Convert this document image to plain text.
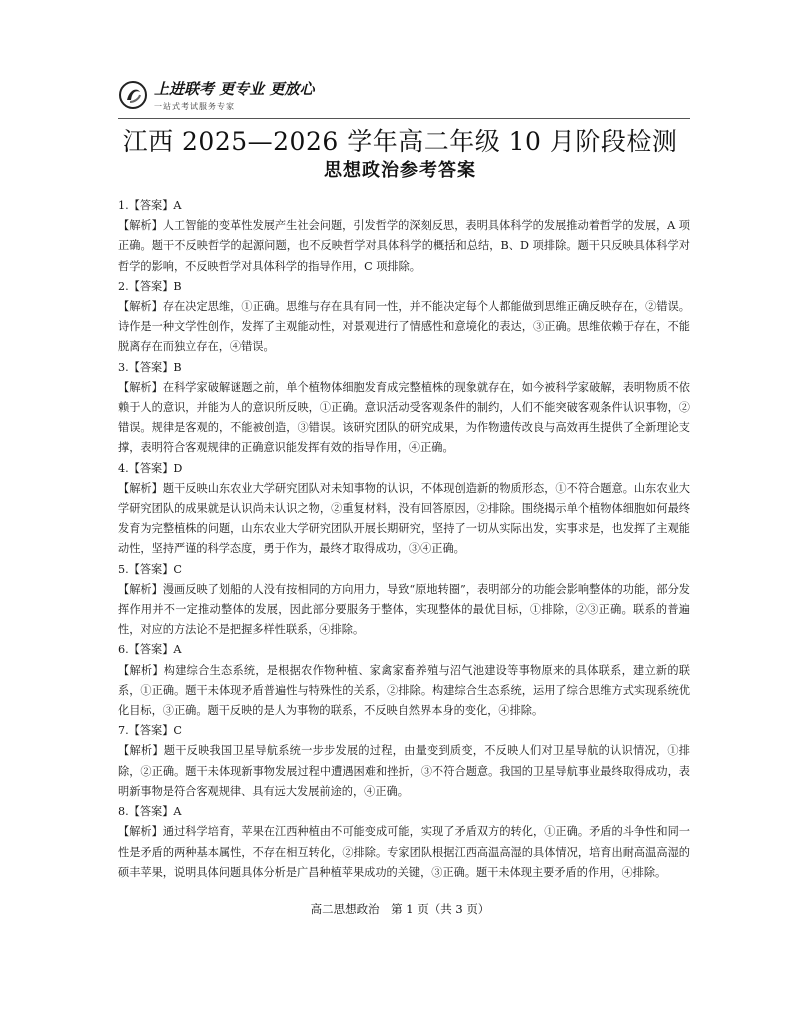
上进联考 更专业 更放心
一站式考试服务专家
江西 2025—2026 学年高二年级 10 月阶段检测
思想政治参考答案

1.【答案】A

【解析】人工智能的变革性发展产生社会问题，引发哲学的深刻反思，表明具体科学的发展推动着哲学的发展，A 项正确。题干不反映哲学的起源问题，也不反映哲学对具体科学的概括和总结，B、D 项排除。题干只反映具体科学对哲学的影响，不反映哲学对具体科学的指导作用，C 项排除。

2.【答案】B

【解析】存在决定思维，①正确。思维与存在具有同一性，并不能决定每个人都能做到思维正确反映存在，②错误。诗作是一种文学性创作，发挥了主观能动性，对景观进行了情感性和意境化的表达，③正确。思维依赖于存在，不能脱离存在而独立存在，④错误。

3.【答案】B

【解析】在科学家破解谜题之前，单个植物体细胞发育成完整植株的现象就存在，如今被科学家破解，表明物质不依赖于人的意识，并能为人的意识所反映，①正确。意识活动受客观条件的制约，人们不能突破客观条件认识事物，②错误。规律是客观的，不能被创造，③错误。该研究团队的研究成果，为作物遗传改良与高效再生提供了全新理论支撑，表明符合客观规律的正确意识能发挥有效的指导作用，④正确。

4.【答案】D

【解析】题干反映山东农业大学研究团队对未知事物的认识，不体现创造新的物质形态，①不符合题意。山东农业大学研究团队的成果就是认识尚未认识之物，②重复材料，没有回答原因，②排除。围绕揭示单个植物体细胞如何最终发育为完整植株的问题，山东农业大学研究团队开展长期研究，坚持了一切从实际出发，实事求是，也发挥了主观能动性，坚持严谨的科学态度，勇于作为，最终才取得成功，③④正确。

5.【答案】C

【解析】漫画反映了划船的人没有按相同的方向用力，导致“原地转圈”，表明部分的功能会影响整体的功能，部分发挥作用并不一定推动整体的发展，因此部分要服务于整体，实现整体的最优目标，①排除，②③正确。联系的普遍性，对应的方法论不是把握多样性联系，④排除。

6.【答案】A

【解析】构建综合生态系统，是根据农作物种植、家禽家畜养殖与沼气池建设等事物原来的具体联系，建立新的联系，①正确。题干未体现矛盾普遍性与特殊性的关系，②排除。构建综合生态系统，运用了综合思维方式实现系统优化目标，③正确。题干反映的是人为事物的联系，不反映自然界本身的变化，④排除。

7.【答案】C

【解析】题干反映我国卫星导航系统一步步发展的过程，由量变到质变，不反映人们对卫星导航的认识情况，①排除，②正确。题干未体现新事物发展过程中遭遇困难和挫折，③不符合题意。我国的卫星导航事业最终取得成功，表明新事物是符合客观规律、具有远大发展前途的，④正确。

8.【答案】A

【解析】通过科学培育，苹果在江西种植由不可能变成可能，实现了矛盾双方的转化，①正确。矛盾的斗争性和同一性是矛盾的两种基本属性，不存在相互转化，②排除。专家团队根据江西高温高湿的具体情况，培育出耐高温高湿的硕丰苹果，说明具体问题具体分析是广昌种植苹果成功的关键，③正确。题干未体现主要矛盾的作用，④排除。

高二思想政治　第 1 页（共 3 页）
